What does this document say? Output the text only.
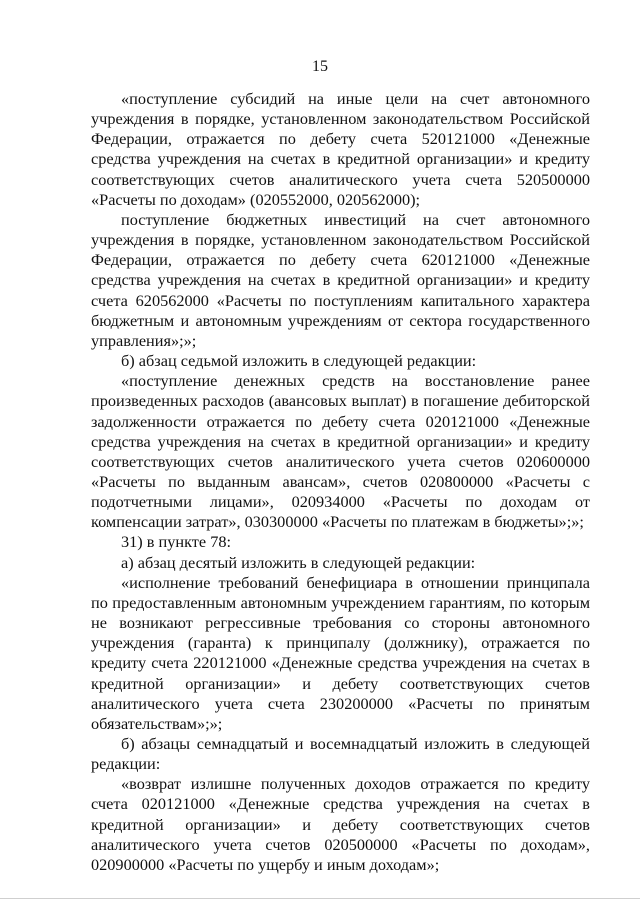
15

«поступление субсидий на иные цели на счет автономного учреждения в порядке, установленном законодательством Российской Федерации, отражается по дебету счета 520121000 «Денежные средства учреждения на счетах в кредитной организации» и кредиту соответствующих счетов аналитического учета счета 520500000 «Расчеты по доходам» (020552000, 020562000);

поступление бюджетных инвестиций на счет автономного учреждения в порядке, установленном законодательством Российской Федерации, отражается по дебету счета 620121000 «Денежные средства учреждения на счетах в кредитной организации» и кредиту счета 620562000 «Расчеты по поступлениям капитального характера бюджетным и автономным учреждениям от сектора государственного управления»;»;

б) абзац седьмой изложить в следующей редакции:

«поступление денежных средств на восстановление ранее произведенных расходов (авансовых выплат) в погашение дебиторской задолженности отражается по дебету счета 020121000 «Денежные средства учреждения на счетах в кредитной организации» и кредиту соответствующих счетов аналитического учета счетов 020600000 «Расчеты по выданным авансам», счетов 020800000 «Расчеты с подотчетными лицами», 020934000 «Расчеты по доходам от компенсации затрат», 030300000 «Расчеты по платежам в бюджеты»;»;

31) в пункте 78:

а) абзац десятый изложить в следующей редакции:

«исполнение требований бенефициара в отношении принципала по предоставленным автономным учреждением гарантиям, по которым не возникают регрессивные требования со стороны автономного учреждения (гаранта) к принципалу (должнику), отражается по кредиту счета 220121000 «Денежные средства учреждения на счетах в кредитной организации» и дебету соответствующих счетов аналитического учета счета 230200000 «Расчеты по принятым обязательствам»;»;

б) абзацы семнадцатый и восемнадцатый изложить в следующей редакции:

«возврат излишне полученных доходов отражается по кредиту счета 020121000 «Денежные средства учреждения на счетах в кредитной организации» и дебету соответствующих счетов аналитического учета счетов 020500000 «Расчеты по доходам», 020900000 «Расчеты по ущербу и иным доходам»;
